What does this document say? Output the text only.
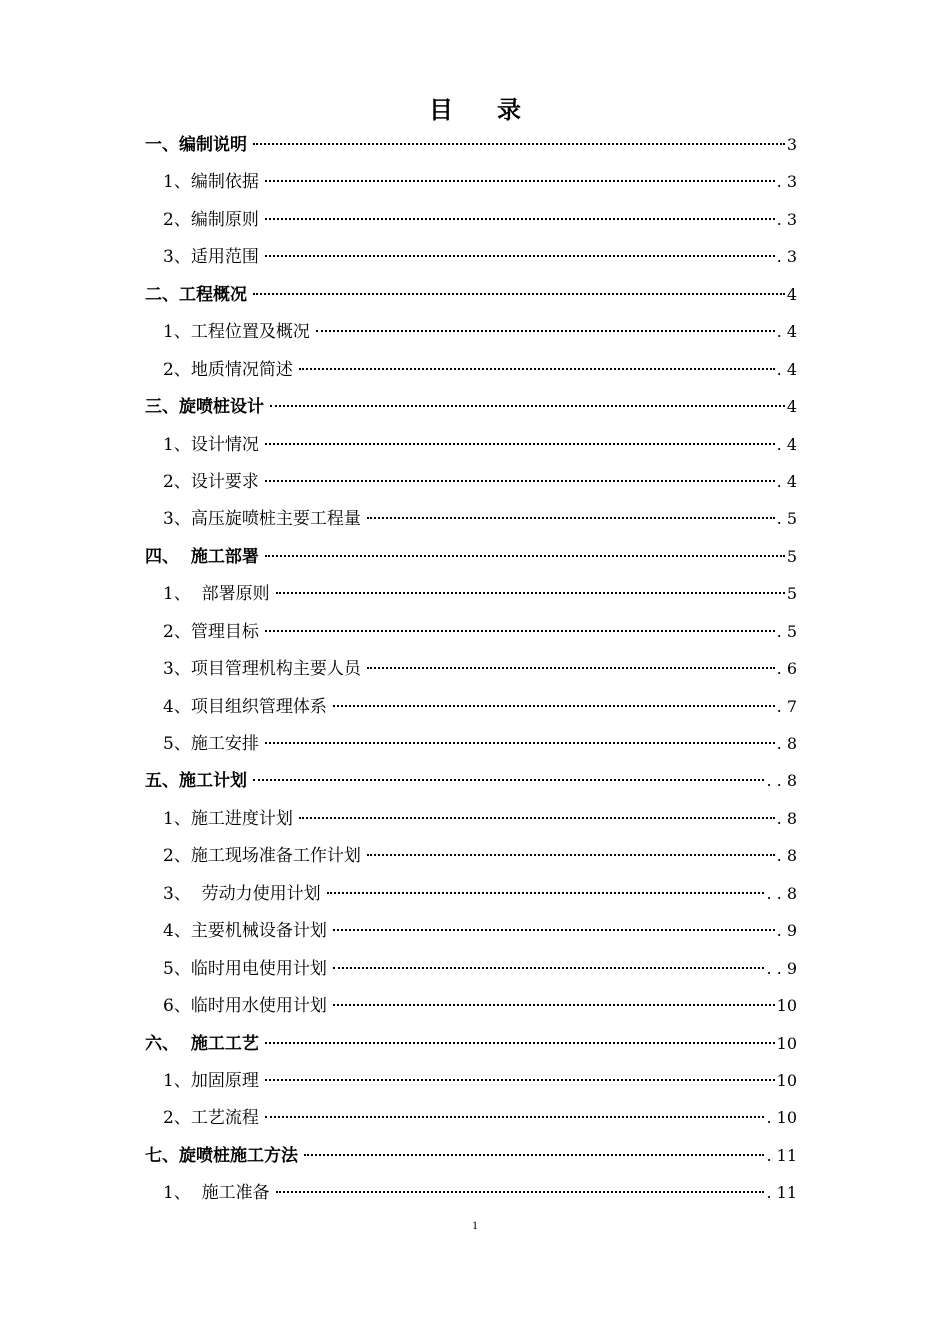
目录
一、编制说明	3
1、编制依据	. 3
2、编制原则	. 3
3、适用范围	. 3
二、工程概况	4
1、工程位置及概况	. 4
2、地质情况简述	. 4
三、旋喷桩设计	4
1、设计情况	. 4
2、设计要求	. 4
3、高压旋喷桩主要工程量	. 5
四、  施工部署	5
1、  部署原则	5
2、管理目标	. 5
3、项目管理机构主要人员	. 6
4、项目组织管理体系	. 7
5、施工安排	. 8
五、施工计划	. . 8
1、施工进度计划	. 8
2、施工现场准备工作计划	. 8
3、  劳动力使用计划	. . 8
4、主要机械设备计划	. 9
5、临时用电使用计划	. . 9
6、临时用水使用计划	10
六、  施工工艺	10
1、加固原理	10
2、工艺流程	. 10
七、旋喷桩施工方法	. 11
1、  施工准备	. 11
1
